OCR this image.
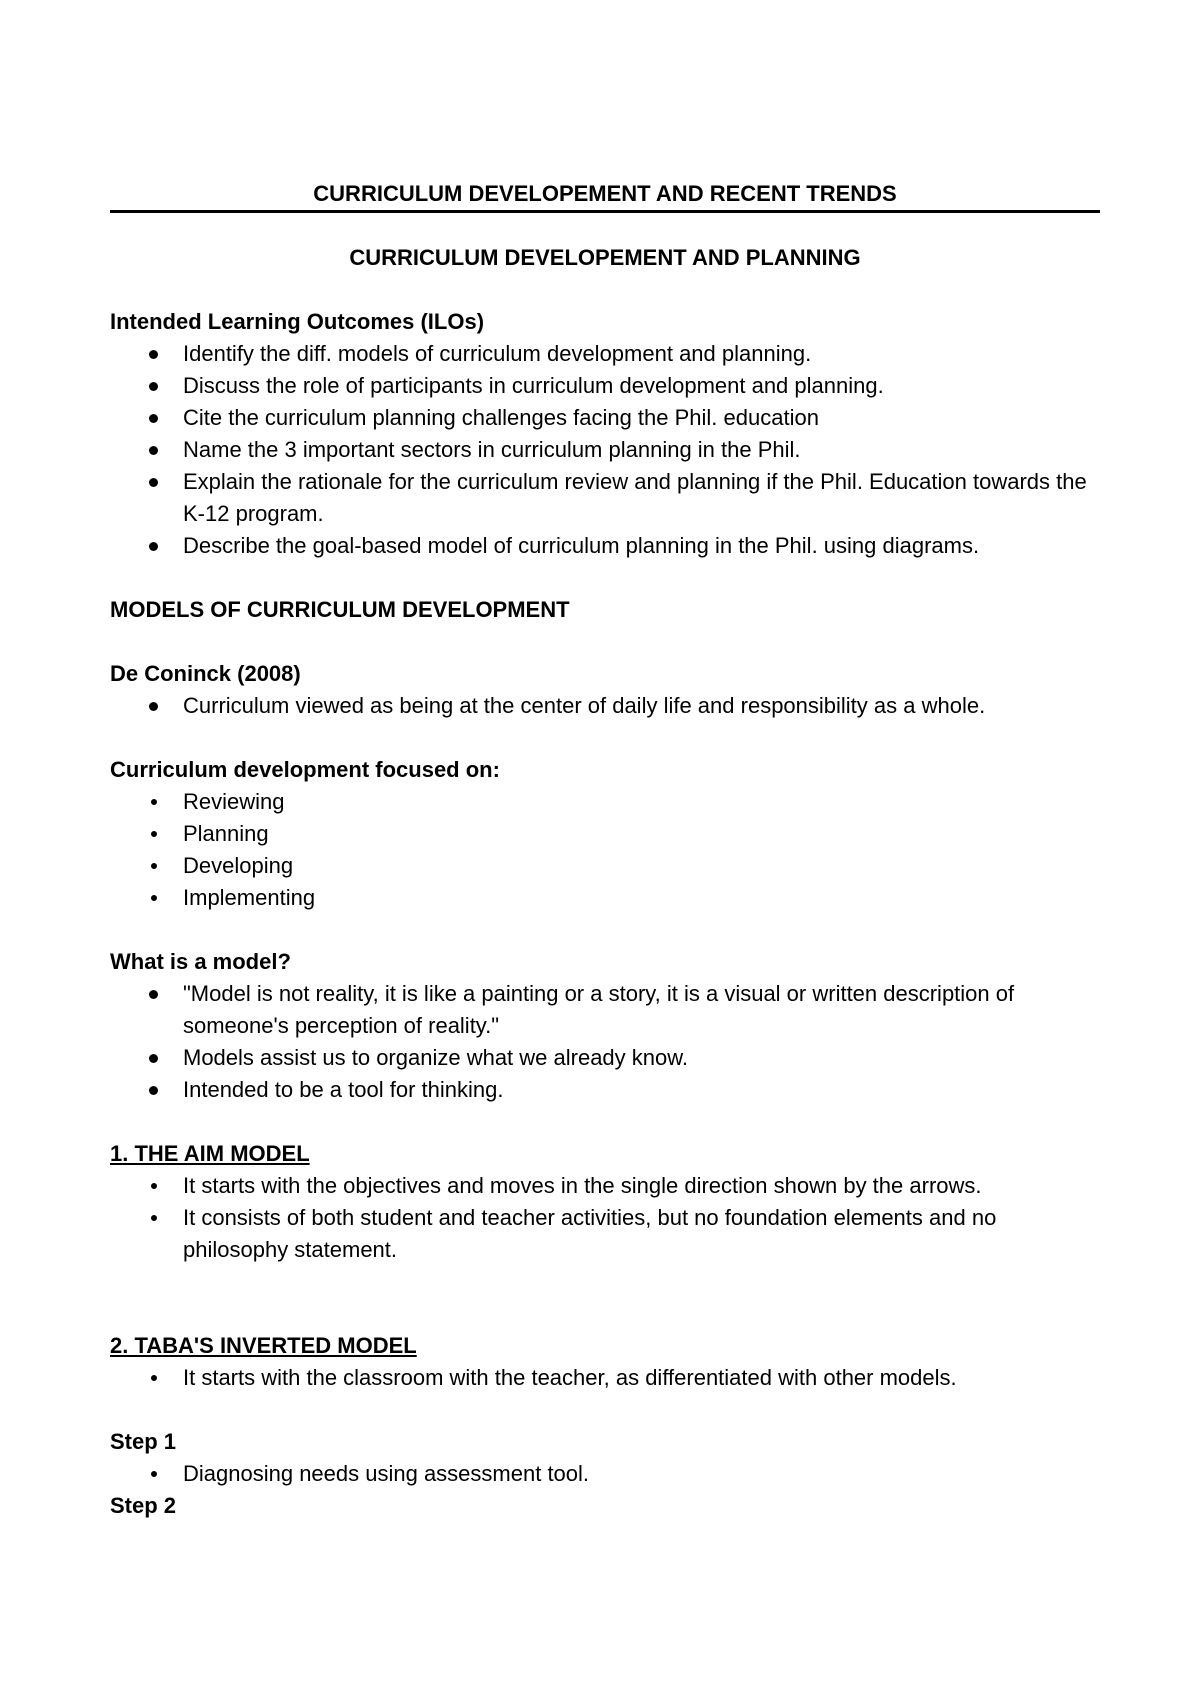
CURRICULUM DEVELOPEMENT AND RECENT TRENDS

CURRICULUM DEVELOPEMENT AND PLANNING

Intended Learning Outcomes (ILOs)

Identify the diff. models of curriculum development and planning.
Discuss the role of participants in curriculum development and planning.
Cite the curriculum planning challenges facing the Phil. education
Name the 3 important sectors in curriculum planning in the Phil.
Explain the rationale for the curriculum review and planning if the Phil. Education towards the K-12 program.
Describe the goal-based model of curriculum planning in the Phil. using diagrams.

MODELS OF CURRICULUM DEVELOPMENT

De Coninck (2008)

Curriculum viewed as being at the center of daily life and responsibility as a whole.

Curriculum development focused on:

Reviewing
Planning
Developing
Implementing

What is a model?

"Model is not reality, it is like a painting or a story, it is a visual or written description of someone's perception of reality."
Models assist us to organize what we already know.
Intended to be a tool for thinking.

1. THE AIM MODEL

It starts with the objectives and moves in the single direction shown by the arrows.
It consists of both student and teacher activities, but no foundation elements and no philosophy statement.

2. TABA'S INVERTED MODEL

It starts with the classroom with the teacher, as differentiated with other models.

Step 1

Diagnosing needs using assessment tool.

Step 2
